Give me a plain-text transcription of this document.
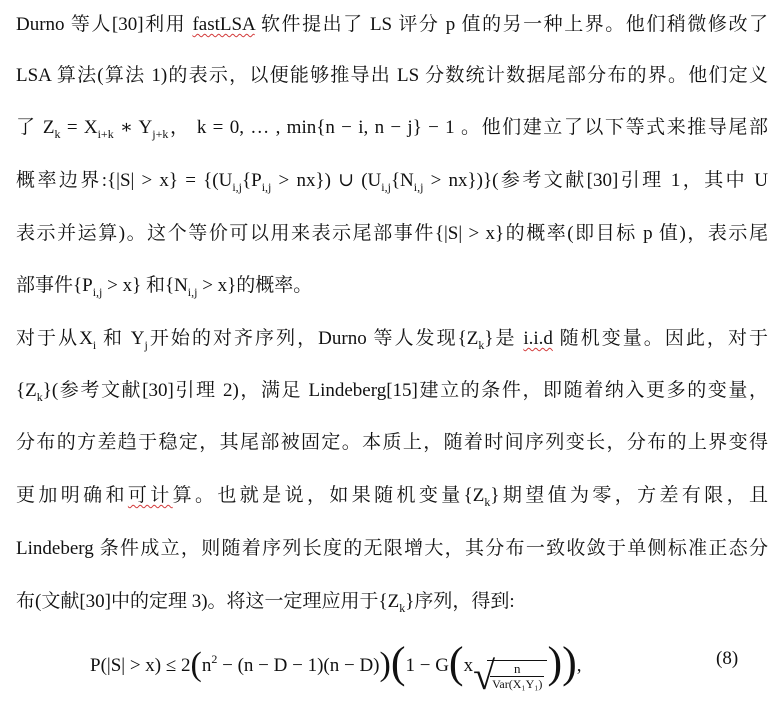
Durno 等人[30]利用 fastLSA 软件提出了 LS 评分 p 值的另一种上界。他们稍微修改了
LSA 算法(算法 1)的表示，以便能够推导出 LS 分数统计数据尾部分布的界。他们定义
了 $Z_k = X_{i+k}$ ∗ $Y_{j+k}$， k = 0, … , min{n − i, n − j} − 1 。他们建立了以下等式来推导尾部
概率边界:{|S| > $x\} = \{(U_{i,j}\{P_{i,j} > nx\})$ ∪ $(U_{i,j}\{N_{i,j} > nx\})$}(参考文献[30]引理 1，其中 U
表示并运算)。这个等价可以用来表示尾部事件{|S| > x}的概率(即目标 p 值)，表示尾
部事件$\{P_{i,j} > x\}$ 和$\{N_{i,j} > x\}$的概率。
对于从$X_i$ 和 $Y_j$开始的对齐序列，Durno 等人发现$\{Z_k\}$是 i.i.d 随机变量。因此，对于
$\{Z_k\}$(参考文献[30]引理 2)，满足 Lindeberg[15]建立的条件，即随着纳入更多的变量，
分布的方差趋于稳定，其尾部被固定。本质上，随着时间序列变长，分布的上界变得
更加明确和可计算。也就是说，如果随机变量$\{Z_k\}$期望值为零，方差有限，且
Lindeberg 条件成立，则随着序列长度的无限增大，其分布一致收敛于单侧标准正态分
布(文献[30]中的定理 3)。将这一定理应用于$\{Z_k\}$序列，得到:
$P(|S| > x) \le 2(n^2 - (n - D - 1)(n - D))(1 - G(x$ √
$\frac{n}{\text{Var(X₁Y₁)}}$ )),	(8)
